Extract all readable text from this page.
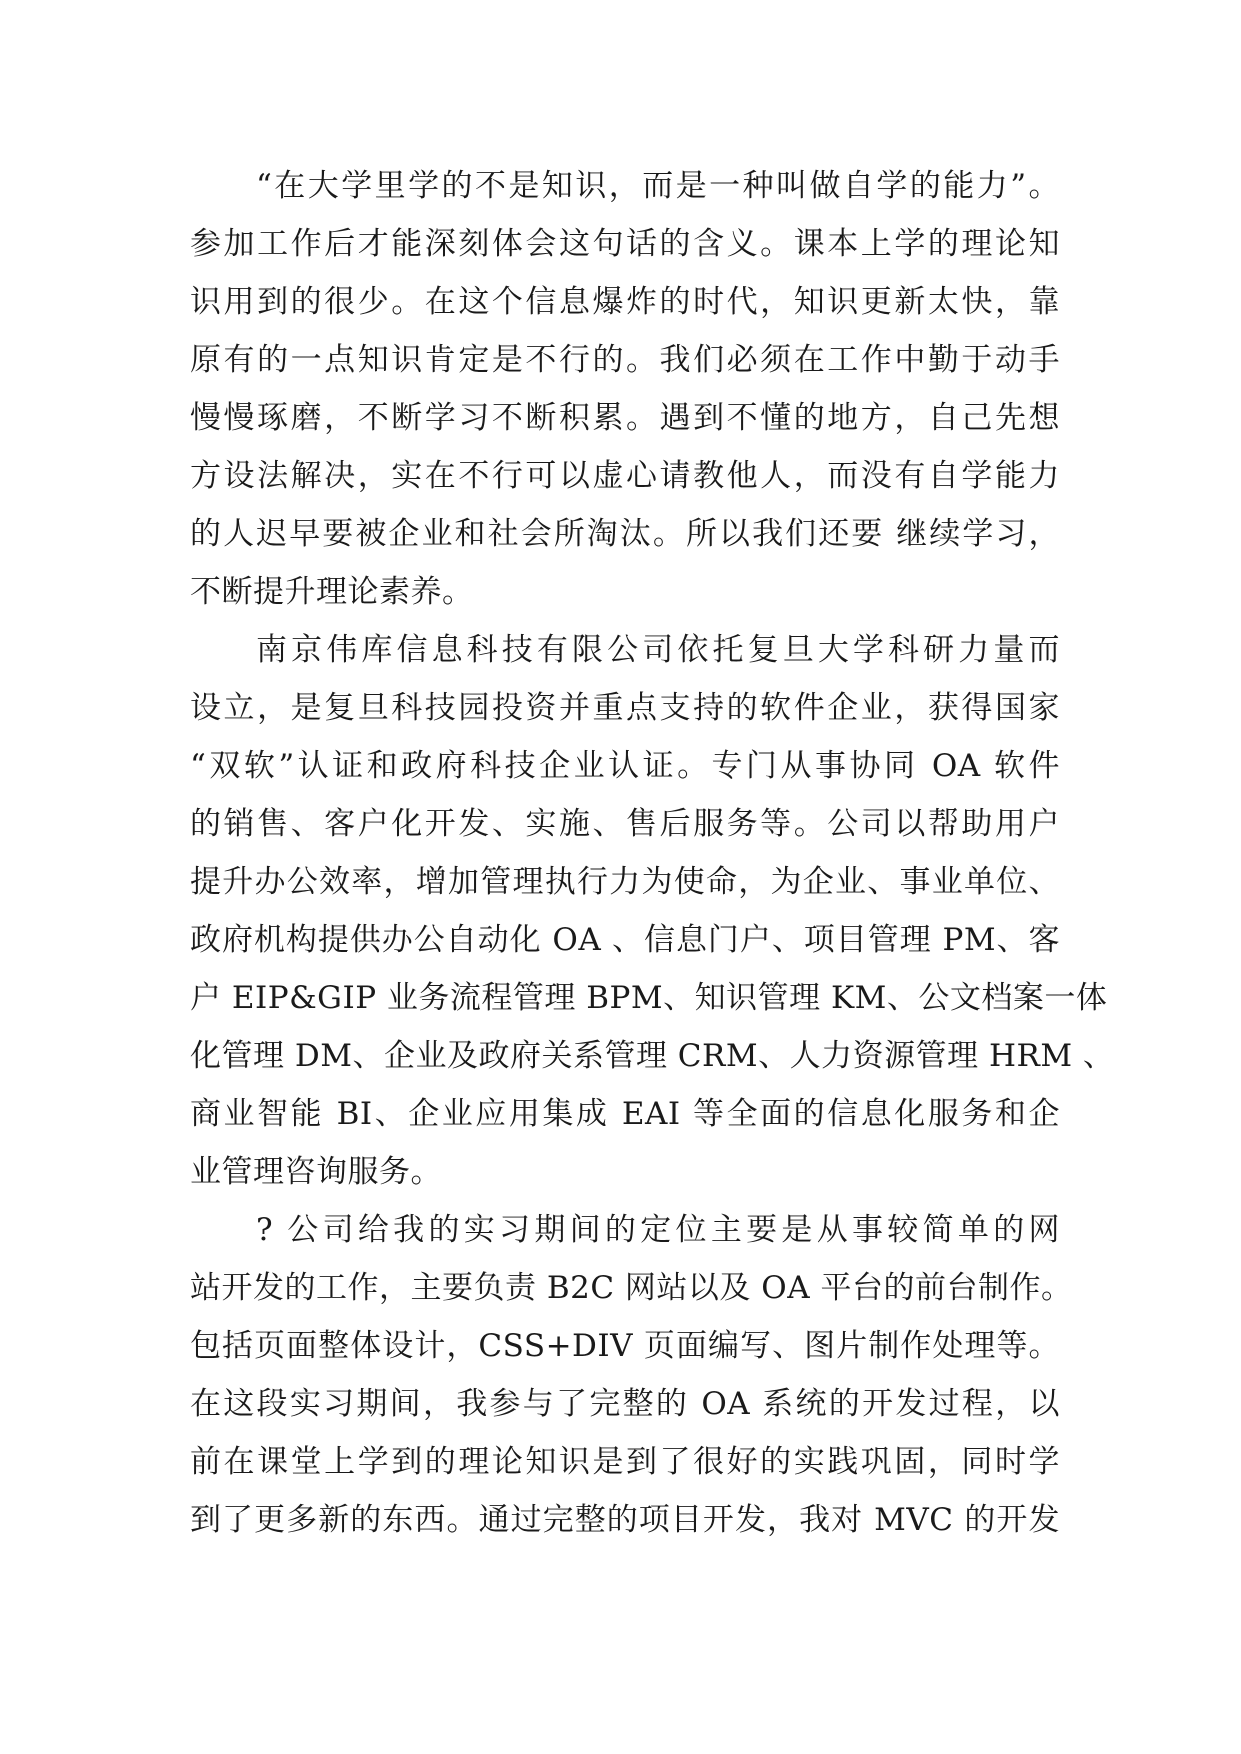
“在大学里学的不是知识，而是一种叫做自学的能力”。
参加工作后才能深刻体会这句话的含义。课本上学的理论知
识用到的很少。在这个信息爆炸的时代，知识更新太快，靠
原有的一点知识肯定是不行的。我们必须在工作中勤于动手
慢慢琢磨，不断学习不断积累。遇到不懂的地方，自己先想
方设法解决，实在不行可以虚心请教他人，而没有自学能力
的人迟早要被企业和社会所淘汰。所以我们还要 继续学习，
不断提升理论素养。
南京伟库信息科技有限公司依托复旦大学科研力量而
设立，是复旦科技园投资并重点支持的软件企业，获得国家
“双软”认证和政府科技企业认证。专门从事协同 OA 软件
的销售、客户化开发、实施、售后服务等。公司以帮助用户
提升办公效率，增加管理执行力为使命，为企业、事业单位、
政府机构提供办公自动化 OA 、信息门户、项目管理 PM、客
户 EIP&GIP 业务流程管理 BPM、知识管理 KM、公文档案一体
化管理 DM、企业及政府关系管理 CRM、人力资源管理 HRM 、
商业智能 BI、企业应用集成 EAI 等全面的信息化服务和企
业管理咨询服务。
? 公司给我的实习期间的定位主要是从事较简单的网
站开发的工作，主要负责 B2C 网站以及 OA 平台的前台制作。
包括页面整体设计，CSS+DIV 页面编写、图片制作处理等。
在这段实习期间，我参与了完整的 OA 系统的开发过程，以
前在课堂上学到的理论知识是到了很好的实践巩固，同时学
到了更多新的东西。通过完整的项目开发，我对 MVC 的开发
